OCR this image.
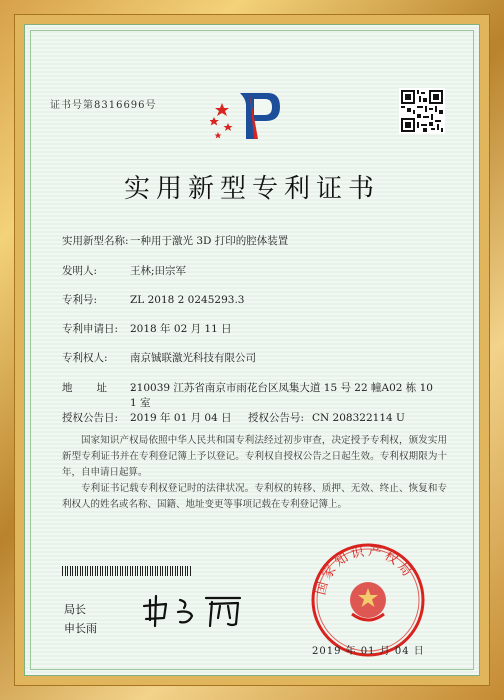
证书号第8316696号
实用新型专利证书
实用新型名称:一种用于激光 3D 打印的腔体装置
发明人:	王林;田宗军
专利号:	ZL 2018 2 0245293.3
专利申请日: 2018 年 02 月 11 日
专利权人: 南京铖联激光科技有限公司
地址:210039 江苏省南京市雨花台区凤集大道 15 号 22 幢A02 栋 10
1 室
授权公告日: 2019 年 01 月 04 日 授权公告号: CN 208322114 U
国家知识产权局依照中华人民共和国专利法经过初步审查，决定授予专利权，颁发实用新型专利证书并在专利登记簿上予以登记。专利权自授权公告之日起生效。专利权期限为十年，自申请日起算。
专利证书记载专利权登记时的法律状况。专利权的转移、质押、无效、终止、恢复和专利权人的姓名或名称、国籍、地址变更等事项记载在专利登记簿上。
局长
申长雨
国家知识产权局
2019 年 01 月 04 日
